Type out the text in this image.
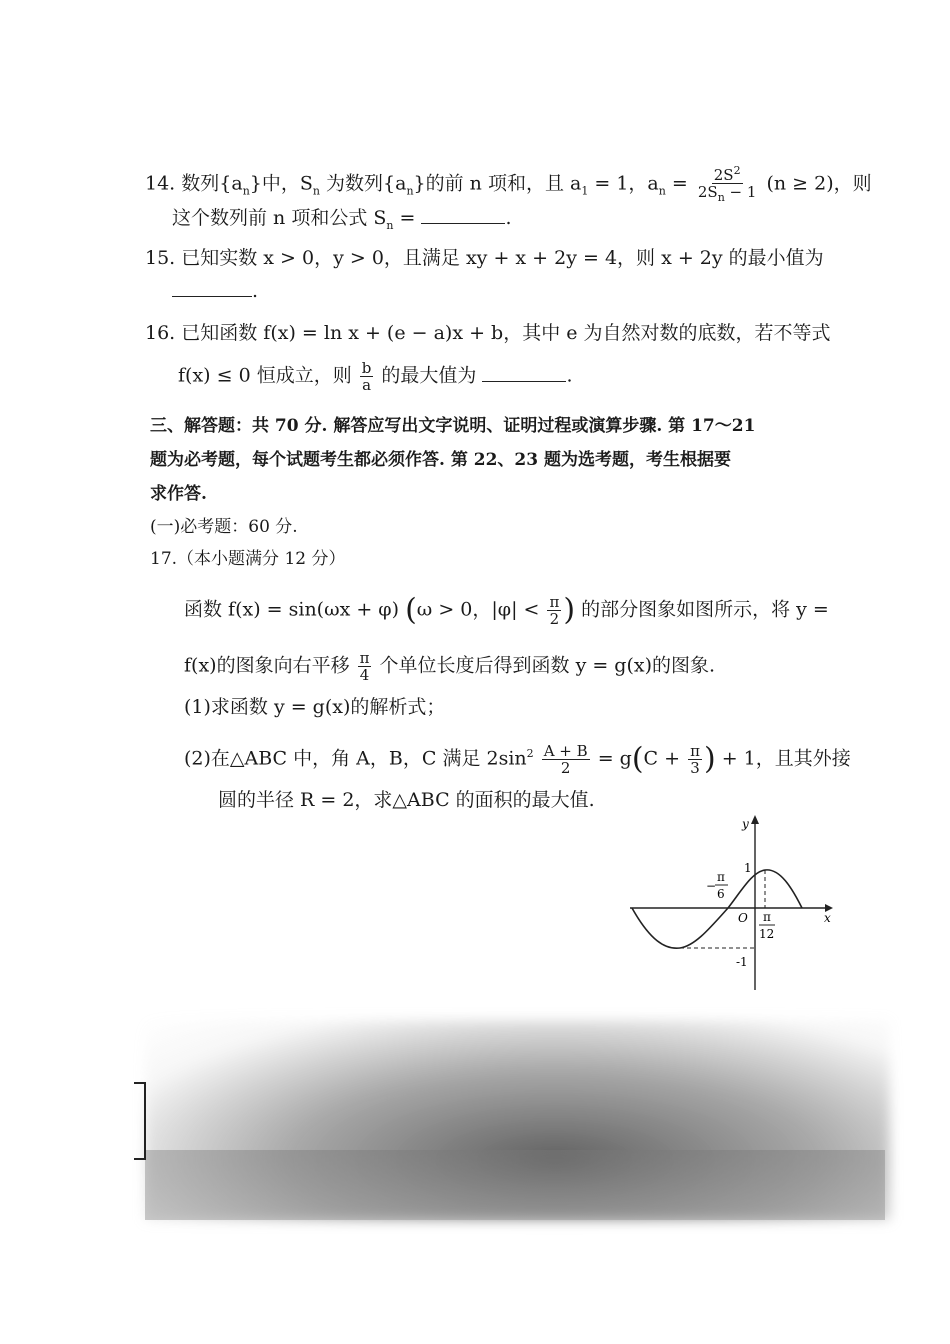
14. 数列$\{a_n\}$中，$S_n$ 为数列$\{a_n\}$的前 n 项和，且 $a_1 = 1$，$a_n = \frac{2S^2}{2S_n - 1} (n \ge 2)$，则
这个数列前 n 项和公式 $S_n$ =	.
15. 已知实数 x > 0，y > 0，且满足 xy + x + 2y = 4，则 x + 2y 的最小值为
.
16. 已知函数 f(x) = ln x + (e − a)x + b，其中 e 为自然对数的底数，若不等式
f(x) ≤ 0 恒成立，则 $\frac{b}{a}$ 的最大值为	.
三、解答题：共 70 分. 解答应写出文字说明、证明过程或演算步骤. 第 17～21
题为必考题，每个试题考生都必须作答. 第 22、23 题为选考题，考生根据要
求作答.
(一)必考题：60 分.
17.（本小题满分 12 分）
函数 f(x) = sin(ωx + φ) (ω > 0，$|\varphi| < \frac{\pi}{2}$ ) 的部分图象如图所示，将 y =
f(x)的图象向右平移 $\frac{\pi}{4}$ 个单位长度后得到函数 y = g(x)的图象.
(1)求函数 y = g(x)的解析式；
(2)在△ABC 中，角 A，B，C 满足 $2\sin^2 \frac{A + B}{2} = g(C + \frac{\pi}{3}$ ) + 1，且其外接
圆的半径 R = 2，求△ABC 的面积的最大值.
y
x
O
1
-1
−
π
6
π
12
